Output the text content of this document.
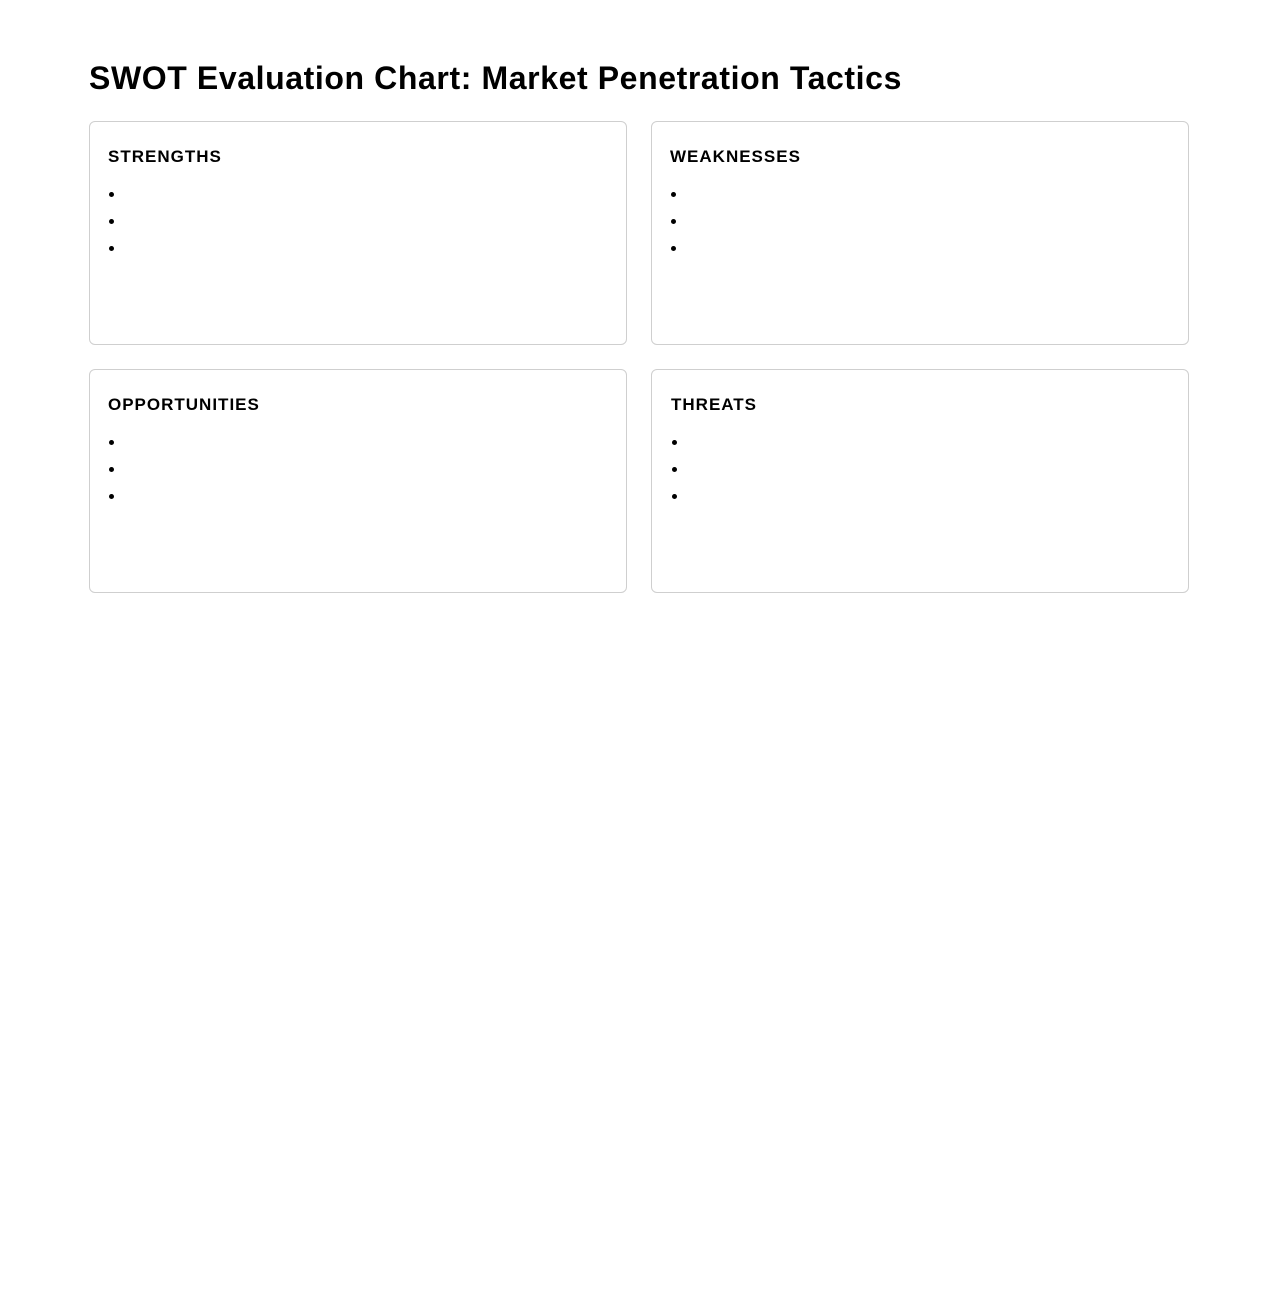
SWOT Evaluation Chart: Market Penetration Tactics
STRENGTHS	WEAKNESSES
OPPORTUNITIES	THREATS
